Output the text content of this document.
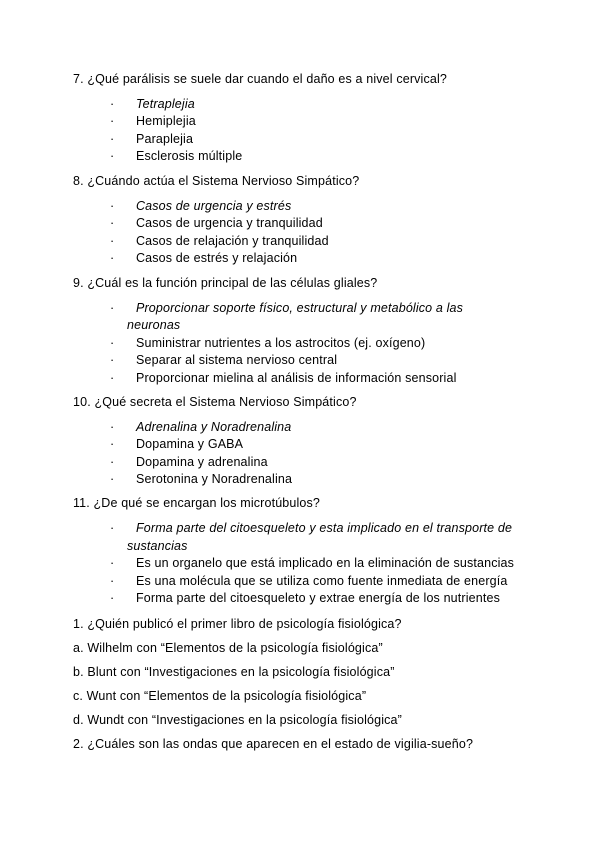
7. ¿Qué parálisis se suele dar cuando el daño es a nivel cervical?
· Tetraplejia
· Hemiplejia
· Paraplejia
· Esclerosis múltiple
8. ¿Cuándo actúa el Sistema Nervioso Simpático?
· Casos de urgencia y estrés
· Casos de urgencia y tranquilidad
· Casos de relajación y tranquilidad
· Casos de estrés y relajación
9. ¿Cuál es la función principal de las células gliales?
· Proporcionar soporte físico, estructural y metabólico a las
neuronas
· Suministrar nutrientes a los astrocitos (ej. oxígeno)
· Separar al sistema nervioso central
· Proporcionar mielina al análisis de información sensorial
10. ¿Qué secreta el Sistema Nervioso Simpático?
· Adrenalina y Noradrenalina
· Dopamina y GABA
· Dopamina y adrenalina
· Serotonina y Noradrenalina
11. ¿De qué se encargan los microtúbulos?
· Forma parte del citoesqueleto y esta implicado en el transporte de
sustancias
· Es un organelo que está implicado en la eliminación de sustancias
· Es una molécula que se utiliza como fuente inmediata de energía
· Forma parte del citoesqueleto y extrae energía de los nutrientes
1. ¿Quién publicó el primer libro de psicología fisiológica?
a. Wilhelm con “Elementos de la psicología fisiológica”
b. Blunt con “Investigaciones en la psicología fisiológica”
c. Wunt con “Elementos de la psicología fisiológica”
d. Wundt con “Investigaciones en la psicología fisiológica”
2. ¿Cuáles son las ondas que aparecen en el estado de vigilia-sueño?
